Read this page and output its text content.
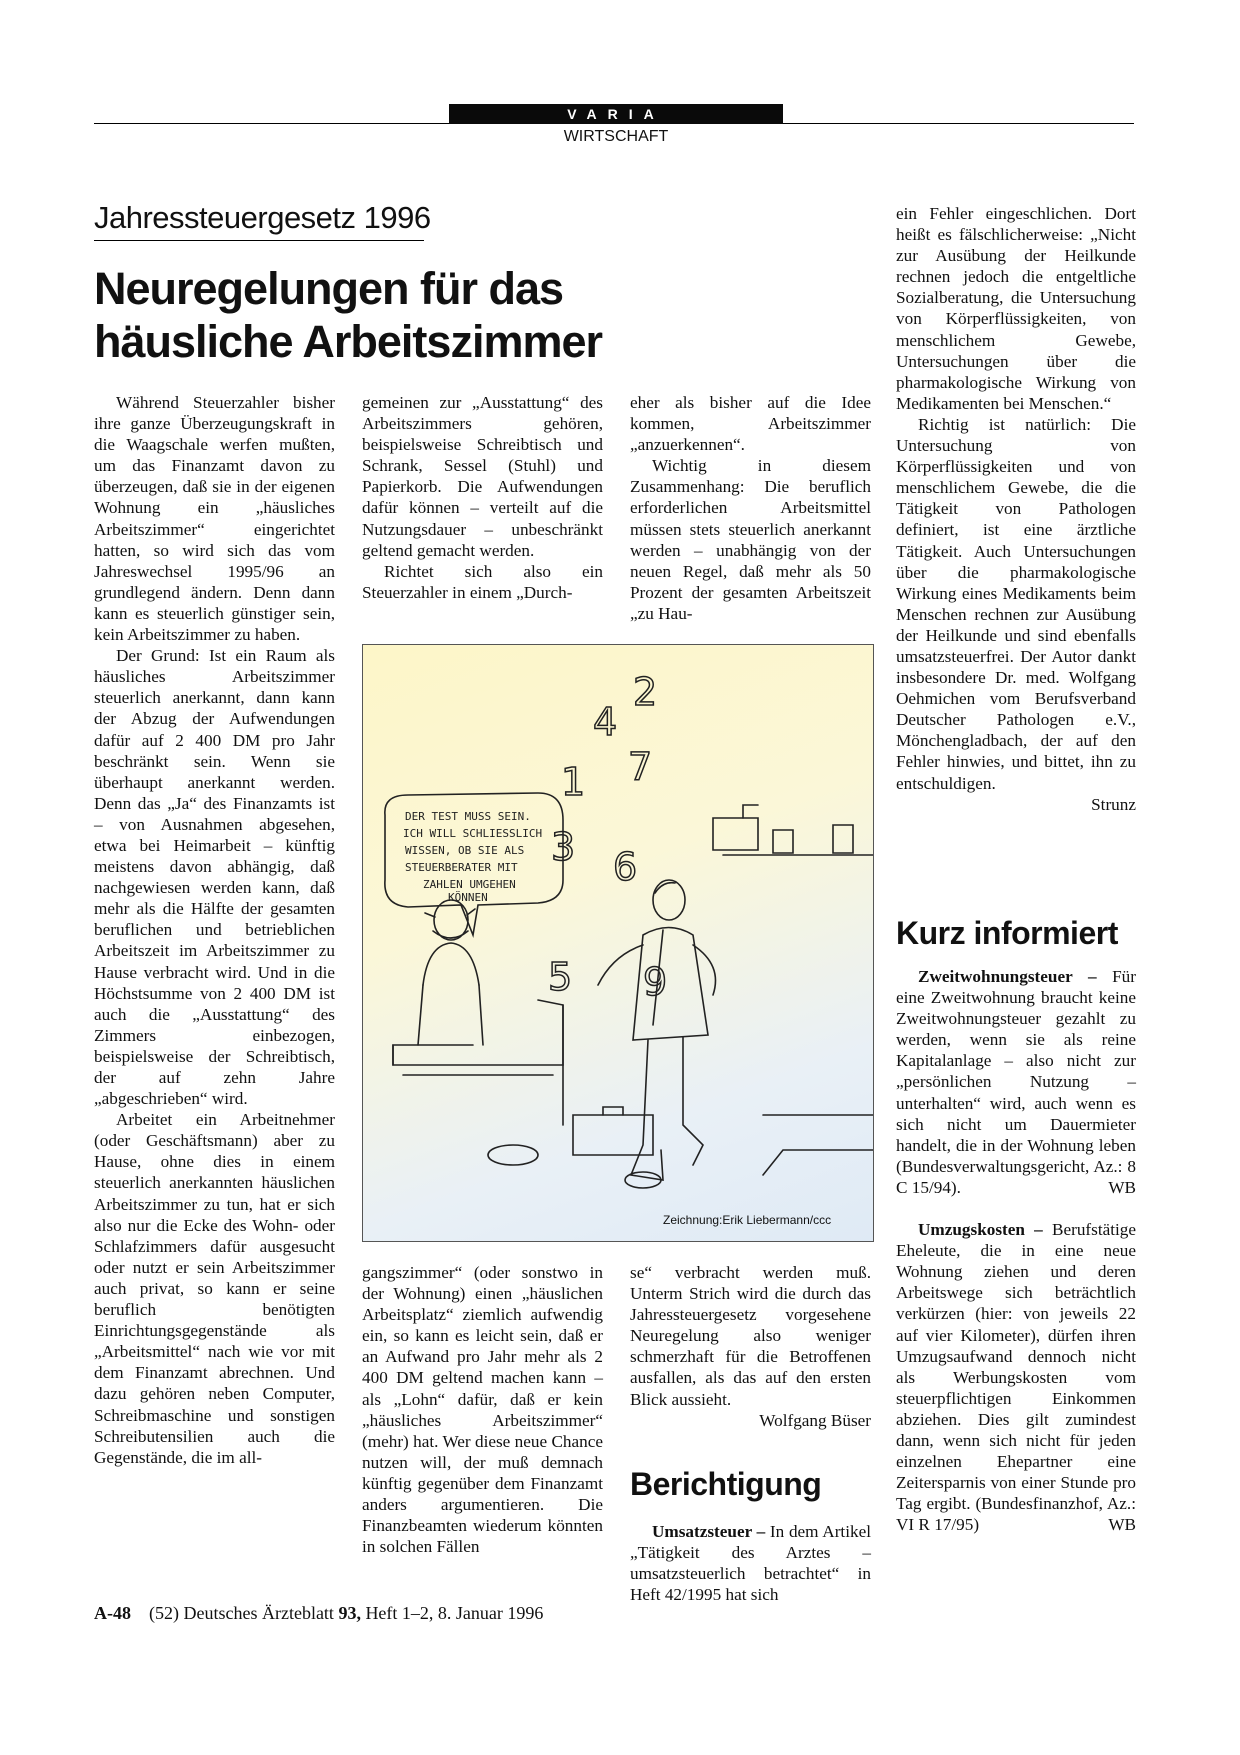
VARIA
WIRTSCHAFT
Jahressteuergesetz 1996
Neuregelungen für das häusliche Arbeitszimmer

Während Steuerzahler bisher ihre ganze Überzeugungskraft in die Waagschale werfen mußten, um das Finanzamt davon zu überzeugen, daß sie in der eigenen Wohnung ein „häusliches Arbeitszimmer“ eingerichtet hatten, so wird sich das vom Jahreswechsel 1995/96 an grundlegend ändern. Denn dann kann es steuerlich günstiger sein, kein Arbeitszimmer zu haben.

Der Grund: Ist ein Raum als häusliches Arbeitszimmer steuerlich anerkannt, dann kann der Abzug der Aufwendungen dafür auf 2 400 DM pro Jahr beschränkt sein. Wenn sie überhaupt anerkannt werden. Denn das „Ja“ des Finanzamts ist – von Ausnahmen abgesehen, etwa bei Heimarbeit – künftig meistens davon abhängig, daß nachgewiesen werden kann, daß mehr als die Hälfte der gesamten beruflichen und betrieblichen Arbeitszeit im Arbeitszimmer zu Hause verbracht wird. Und in die Höchstsumme von 2 400 DM ist auch die „Ausstattung“ des Zimmers einbezogen, beispielsweise der Schreibtisch, der auf zehn Jahre „abgeschrieben“ wird.

Arbeitet ein Arbeitnehmer (oder Geschäftsmann) aber zu Hause, ohne dies in einem steuerlich anerkannten häuslichen Arbeitszimmer zu tun, hat er sich also nur die Ecke des Wohn- oder Schlafzimmers dafür ausgesucht oder nutzt er sein Arbeitszimmer auch privat, so kann er seine beruflich benötigten Einrichtungsgegenstände als „Arbeitsmittel“ nach wie vor mit dem Finanzamt abrechnen. Und dazu gehören neben Computer, Schreibmaschine und sonstigen Schreibutensilien auch die Gegenstände, die im all-

gemeinen zur „Ausstattung“ des Arbeitszimmers gehören, beispielsweise Schreibtisch und Schrank, Sessel (Stuhl) und Papierkorb. Die Aufwendungen dafür können – verteilt auf die Nutzungsdauer – unbeschränkt geltend gemacht werden.

Richtet sich also ein Steuerzahler in einem „Durch-

eher als bisher auf die Idee kommen, Arbeitszimmer „anzuerkennen“.

Wichtig in diesem Zusammenhang: Die beruflich erforderlichen Arbeitsmittel müssen stets steuerlich anerkannt werden – unabhängig von der neuen Regel, daß mehr als 50 Prozent der gesamten Arbeitszeit „zu Hau-

gangszimmer“ (oder sonstwo in der Wohnung) einen „häuslichen Arbeitsplatz“ ziemlich aufwendig ein, so kann es leicht sein, daß er an Aufwand pro Jahr mehr als 2 400 DM geltend machen kann – als „Lohn“ dafür, daß er kein „häusliches Arbeitszimmer“ (mehr) hat. Wer diese neue Chance nutzen will, der muß demnach künftig gegenüber dem Finanzamt anders argumentieren. Die Finanzbeamten wiederum könnten in solchen Fällen

se“ verbracht werden muß. Unterm Strich wird die durch das Jahressteuergesetz vorgesehene Neuregelung also weniger schmerzhaft für die Betroffenen ausfallen, als das auf den ersten Blick aussieht.

Wolfgang Büser

Berichtigung

Umsatzsteuer – In dem Artikel „Tätigkeit des Arztes – umsatzsteuerlich betrachtet“ in Heft 42/1995 hat sich

ein Fehler eingeschlichen. Dort heißt es fälschlicherweise: „Nicht zur Ausübung der Heilkunde rechnen jedoch die entgeltliche Sozialberatung, die Untersuchung von Körperflüssigkeiten, von menschlichem Gewebe, Untersuchungen über die pharmakologische Wirkung von Medikamenten bei Menschen.“

Richtig ist natürlich: Die Untersuchung von Körperflüssigkeiten und von menschlichem Gewebe, die die Tätigkeit von Pathologen definiert, ist eine ärztliche Tätigkeit. Auch Untersuchungen über die pharmakologische Wirkung eines Medikaments beim Menschen rechnen zur Ausübung der Heilkunde und sind ebenfalls umsatzsteuerfrei. Der Autor dankt insbesondere Dr. med. Wolfgang Oehmichen vom Berufsverband Deutscher Pathologen e.V., Mönchengladbach, der auf den Fehler hinwies, und bittet, ihn zu entschuldigen.

Strunz

Kurz informiert

Zweitwohnungsteuer – Für eine Zweitwohnung braucht keine Zweitwohnungsteuer gezahlt zu werden, wenn sie als reine Kapitalanlage – also nicht zur „persönlichen Nutzung – unterhalten“ wird, auch wenn es sich nicht um Dauermieter handelt, die in der Wohnung leben (Bundesverwaltungsgericht, Az.: 8 C 15/94).	WB

Umzugskosten – Berufstätige Eheleute, die in eine neue Wohnung ziehen und deren Arbeitswege sich beträchtlich verkürzen (hier: von jeweils 22 auf vier Kilometer), dürfen ihren Umzugsaufwand dennoch nicht als Werbungskosten vom steuerpflichtigen Einkommen abziehen. Dies gilt zumindest dann, wenn sich nicht für jeden einzelnen Ehepartner eine Zeitersparnis von einer Stunde pro Tag ergibt. (Bundesfinanzhof, Az.: VI R 17/95)	WB

DER TEST MUSS SEIN.
ICH WILL SCHLIESSLICH
WISSEN, OB SIE ALS
STEUERBERATER MIT
ZAHLEN UMGEHEN
KÖNNEN
4
2
1 7
3 6
5 9
Zeichnung:Erik Liebermann/ccc
A-48 (52) Deutsches Ärzteblatt 93, Heft 1–2, 8. Januar 1996
